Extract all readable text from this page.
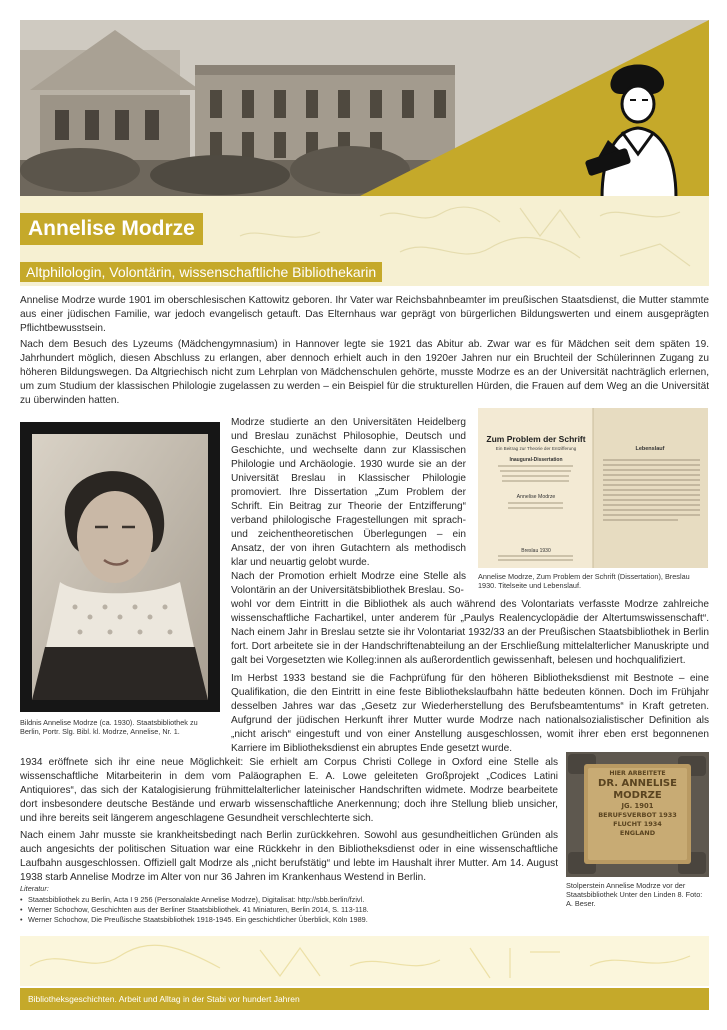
Annelise Modrze
Altphilologin, Volontärin, wissenschaftliche Bibliothekarin

Annelise Modrze wurde 1901 im oberschlesischen Kattowitz geboren. Ihr Vater war Reichsbahnbeamter im preußischen Staatsdienst, die Mutter stammte aus einer jüdischen Familie, war jedoch evangelisch getauft. Das Elternhaus war geprägt von bürgerlichen Bildungswerten und einem ausgeprägten Pflichtbewusstsein.

Nach dem Besuch des Lyzeums (Mädchengymnasium) in Hannover legte sie 1921 das Abitur ab. Zwar war es für Mädchen seit dem späten 19. Jahrhundert möglich, diesen Abschluss zu erlangen, aber dennoch erhielt auch in den 1920er Jahren nur ein Bruchteil der Schülerinnen Zugang zu höheren Bildungswegen. Da Altgriechisch nicht zum Lehrplan von Mädchenschulen gehörte, musste Modrze es an der Universität nachträglich erlernen, um zum Studium der klassischen Philologie zugelassen zu werden – ein Beispiel für die strukturellen Hürden, die Frauen auf dem Weg an die Universität zu überwinden hatten.

Bildnis Annelise Modrze (ca. 1930). Staatsbibliothek zu Berlin, Portr. Slg. Bibl. kl. Modrze, Annelise, Nr. 1.

Modrze studierte an den Universitäten Heidelberg und Breslau zunächst Philosophie, Deutsch und Geschichte, und wechselte dann zur Klassischen Philologie und Archäologie. 1930 wurde sie an der Universität Breslau in Klassischer Philologie promoviert. Ihre Dissertation „Zum Problem der Schrift. Ein Beitrag zur Theorie der Entzifferung“ verband philologische Fragestellungen mit sprach- und zeichentheoretischen Überlegungen – ein Ansatz, der von ihren Gutachtern als methodisch klar und neuartig gelobt wurde.

Nach der Promotion erhielt Modrze eine Stelle als Volontärin an der Universitätsbibliothek Breslau. So-

wohl vor dem Eintritt in die Bibliothek als auch während des Volontariats verfasste Modrze zahlreiche wissenschaftliche Fachartikel, unter anderem für „Paulys Realencyclopädie der Altertumswissenschaft“. Nach einem Jahr in Breslau setzte sie ihr Volontariat 1932/33 an der Preußischen Staatsbibliothek in Berlin fort. Dort arbeitete sie in der Handschriftenabteilung an der Erschließung mittelalterlicher Manuskripte und galt bei Vorgesetzten wie Kolleg:innen als außerordentlich gewissenhaft, belesen und hochqualifiziert.

Im Herbst 1933 bestand sie die Fachprüfung für den höheren Bibliotheksdienst mit Bestnote – eine Qualifikation, die den Eintritt in eine feste Bibliothekslaufbahn hätte bedeuten können. Doch im Frühjahr desselben Jahres war das „Gesetz zur Wiederherstellung des Berufsbeamtentums“ in Kraft getreten. Aufgrund der jüdischen Herkunft ihrer Mutter wurde Modrze nach nationalsozialistischer Definition als „nicht arisch“ eingestuft und von einer Anstellung ausgeschlossen, womit ihrer eben erst begonnenen Karriere im Bibliotheksdienst ein abruptes Ende gesetzt wurde.

Zum Problem der Schrift
Ein Beitrag zur Theorie der Entzifferung
Inaugural-Dissertation
Annelise Modrze
Breslau 1930
Lebenslauf
Annelise Modrze, Zum Problem der Schrift (Dissertation), Breslau 1930. Titelseite und Lebenslauf.

1934 eröffnete sich ihr eine neue Möglichkeit: Sie erhielt am Corpus Christi College in Oxford eine Stelle als wissenschaftliche Mitarbeiterin in dem vom Paläographen E. A. Lowe geleiteten Großprojekt „Codices Latini Antiquiores“, das sich der Katalogisierung frühmittelalterlicher lateinischer Handschriften widmete. Modrze bearbeitete dort insbesondere deutsche Bestände und erwarb wissenschaftliche Anerkennung; doch ihre Stellung blieb unsicher, und ihre bereits seit längerem angeschlagene Gesundheit verschlechterte sich.

Nach einem Jahr musste sie krankheitsbedingt nach Berlin zurückkehren. Sowohl aus gesundheitlichen Gründen als auch angesichts der politischen Situation war eine Rückkehr in den Bibliotheksdienst oder in eine wissenschaftliche Laufbahn ausgeschlossen. Offiziell galt Modrze als „nicht berufstätig“ und lebte im Haushalt ihrer Mutter. Am 14. August 1938 starb Annelise Modrze im Alter von nur 36 Jahren im Krankenhaus Westend in Berlin.

HIER ARBEITETE
DR. ANNELISE
MODRZE
JG. 1901
BERUFSVERBOT 1933
FLUCHT 1934
ENGLAND
Stolperstein Annelise Modrze vor der Staatsbibliothek Unter den Linden 8. Foto: A. Beser.
Literatur:
• Staatsbibliothek zu Berlin, Acta I 9 256 (Personalakte Annelise Modrze), Digitalisat: http://sbb.berlin/fzivl.
• Werner Schochow, Geschichten aus der Berliner Staatsbibliothek. 41 Miniaturen, Berlin 2014, S. 113-118.
• Werner Schochow, Die Preußische Staatsbibliothek 1918-1945. Ein geschichtlicher Überblick, Köln 1989.
Bibliotheksgeschichten. Arbeit und Alltag in der Stabi vor hundert Jahren
